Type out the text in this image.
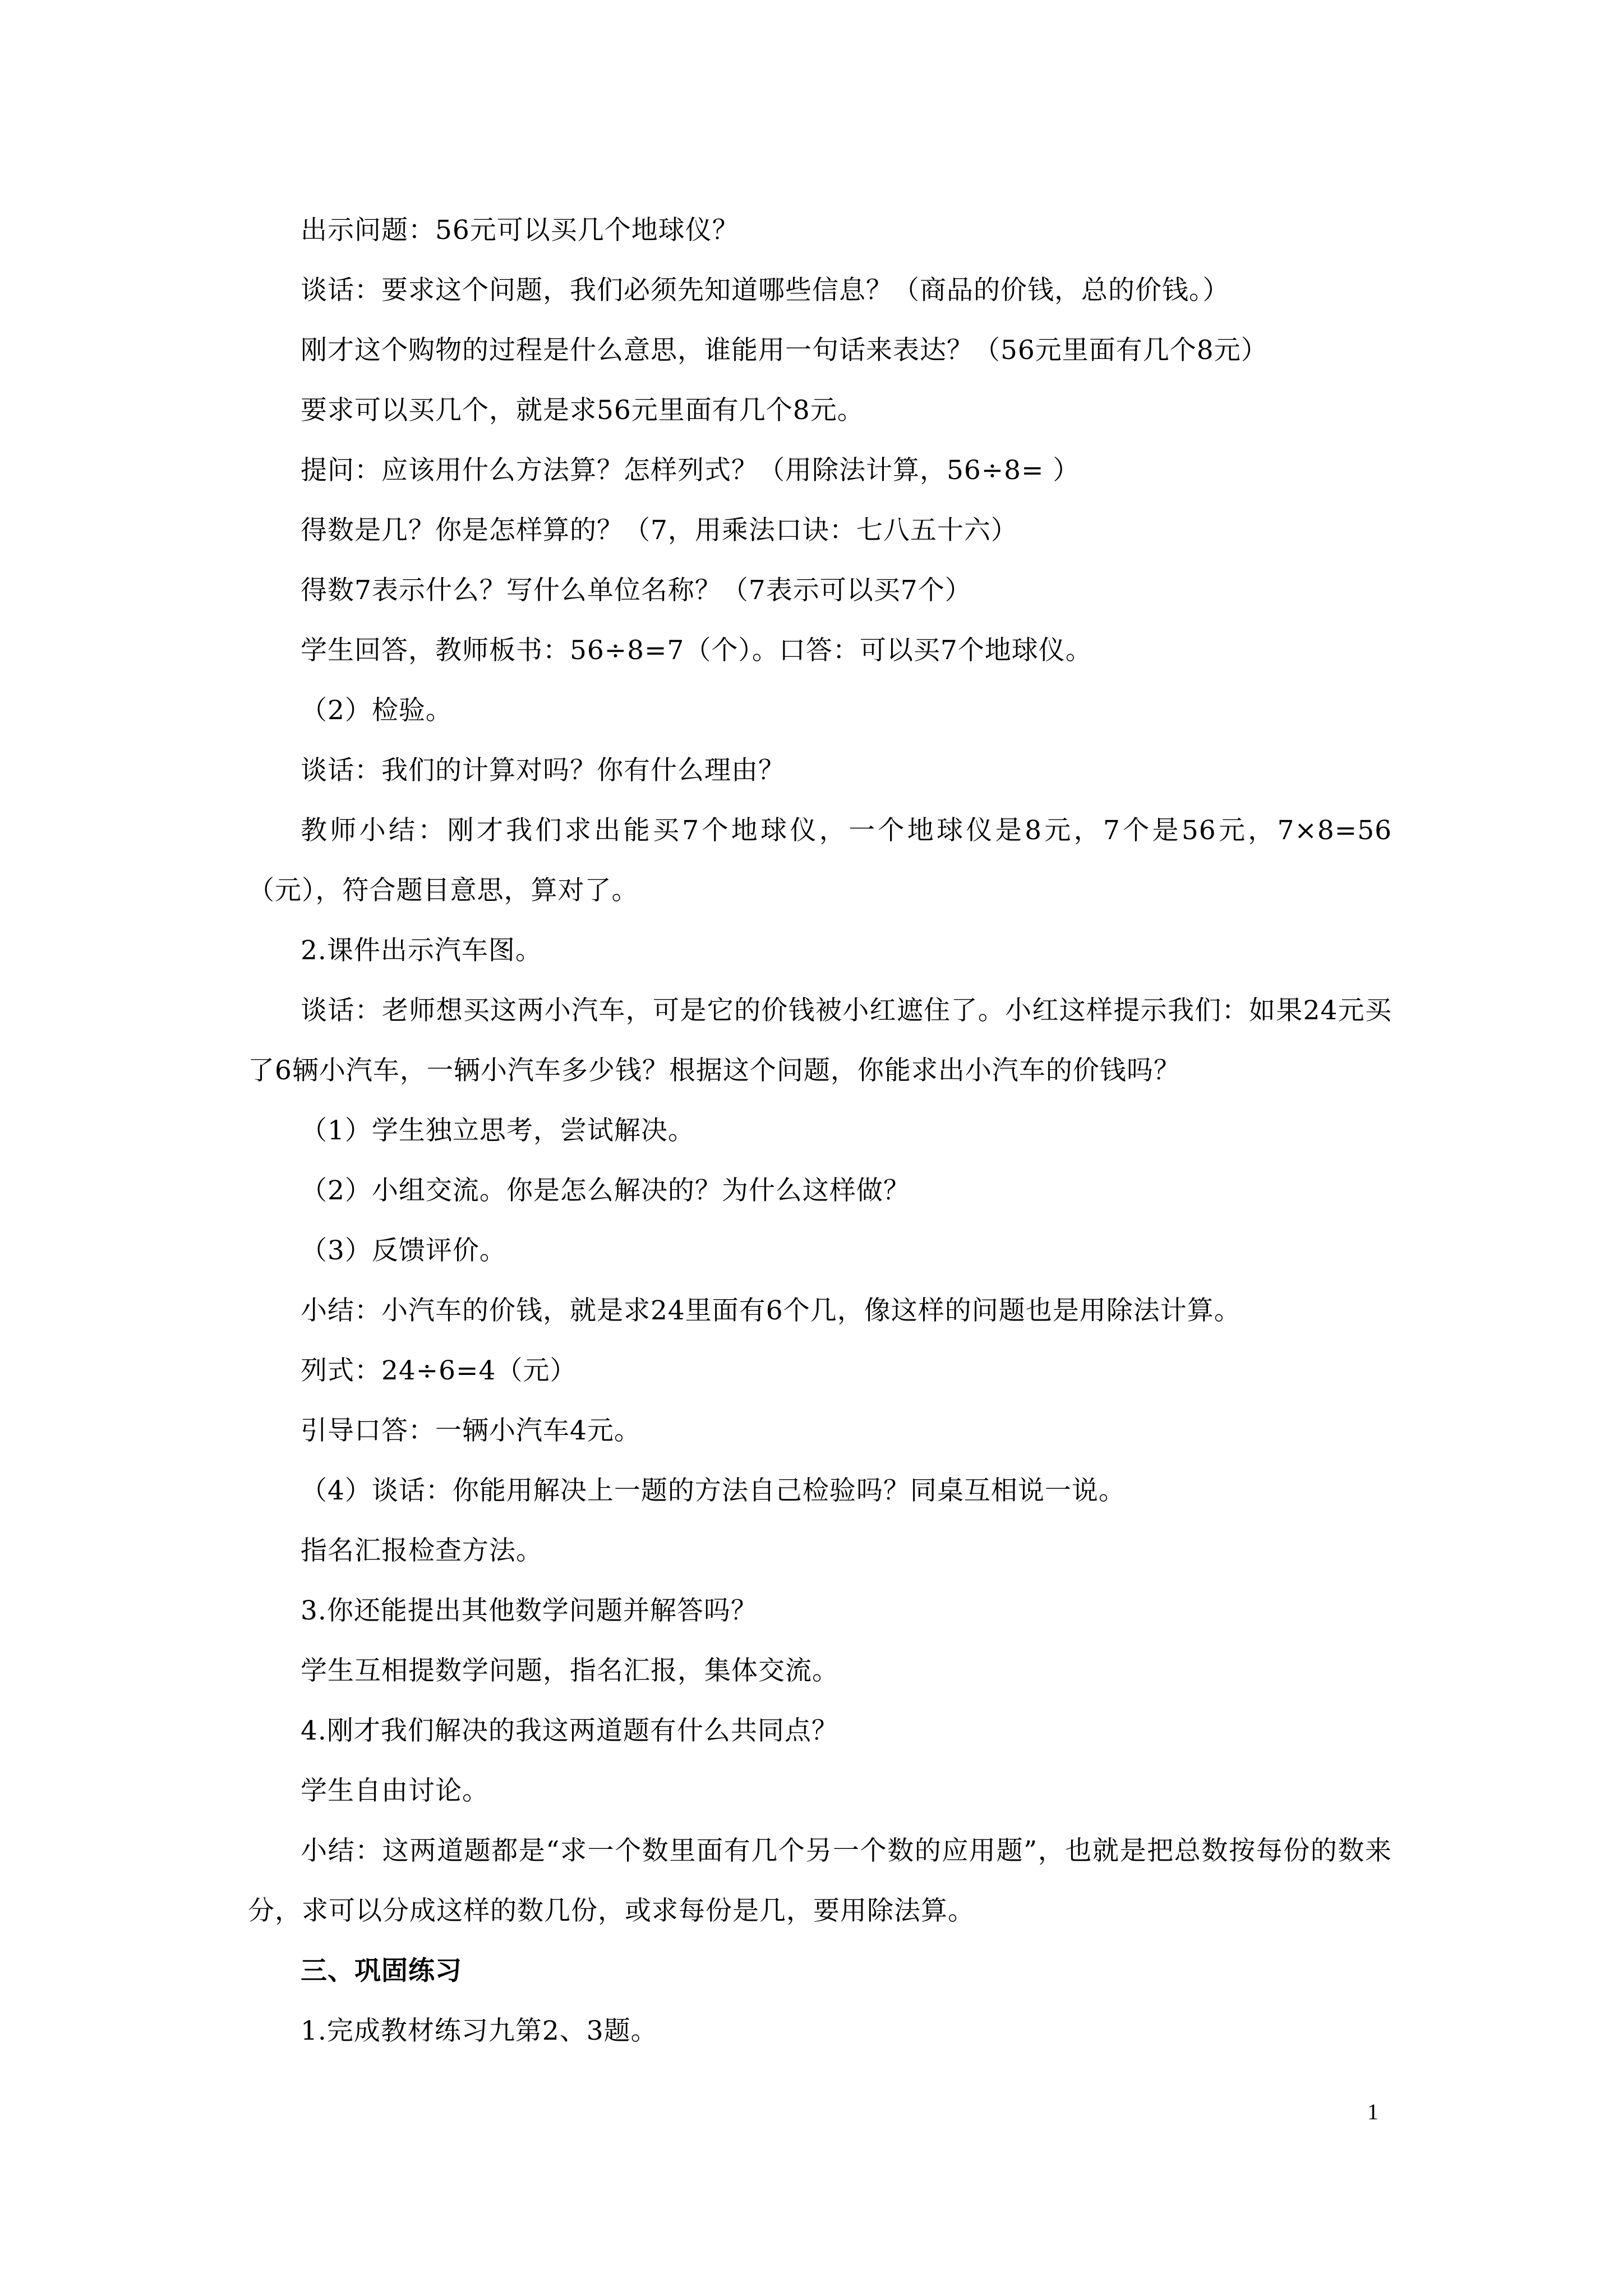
出示问题：56元可以买几个地球仪？

谈话：要求这个问题，我们必须先知道哪些信息？（商品的价钱，总的价钱。）

刚才这个购物的过程是什么意思，谁能用一句话来表达？（56元里面有几个8元）

要求可以买几个，就是求56元里面有几个8元。

提问：应该用什么方法算？怎样列式？（用除法计算，56÷8= ）

得数是几？你是怎样算的？（7，用乘法口诀：七八五十六）

得数7表示什么？写什么单位名称？（7表示可以买7个）

学生回答，教师板书：56÷8=7（个）。口答：可以买7个地球仪。

（2）检验。

谈话：我们的计算对吗？你有什么理由？

教师小结：刚才我们求出能买7个地球仪，一个地球仪是8元，7个是56元，7×8=56（元），符合题目意思，算对了。

2.课件出示汽车图。

谈话：老师想买这两小汽车，可是它的价钱被小红遮住了。小红这样提示我们：如果24元买了6辆小汽车，一辆小汽车多少钱？根据这个问题，你能求出小汽车的价钱吗？

（1）学生独立思考，尝试解决。

（2）小组交流。你是怎么解决的？为什么这样做？

（3）反馈评价。

小结：小汽车的价钱，就是求24里面有6个几，像这样的问题也是用除法计算。

列式：24÷6=4（元）

引导口答：一辆小汽车4元。

（4）谈话：你能用解决上一题的方法自己检验吗？同桌互相说一说。

指名汇报检查方法。

3.你还能提出其他数学问题并解答吗？

学生互相提数学问题，指名汇报，集体交流。

4.刚才我们解决的我这两道题有什么共同点？

学生自由讨论。

小结：这两道题都是“求一个数里面有几个另一个数的应用题”，也就是把总数按每份的数来分，求可以分成这样的数几份，或求每份是几，要用除法算。

三、巩固练习

1.完成教材练习九第2、3题。

1
